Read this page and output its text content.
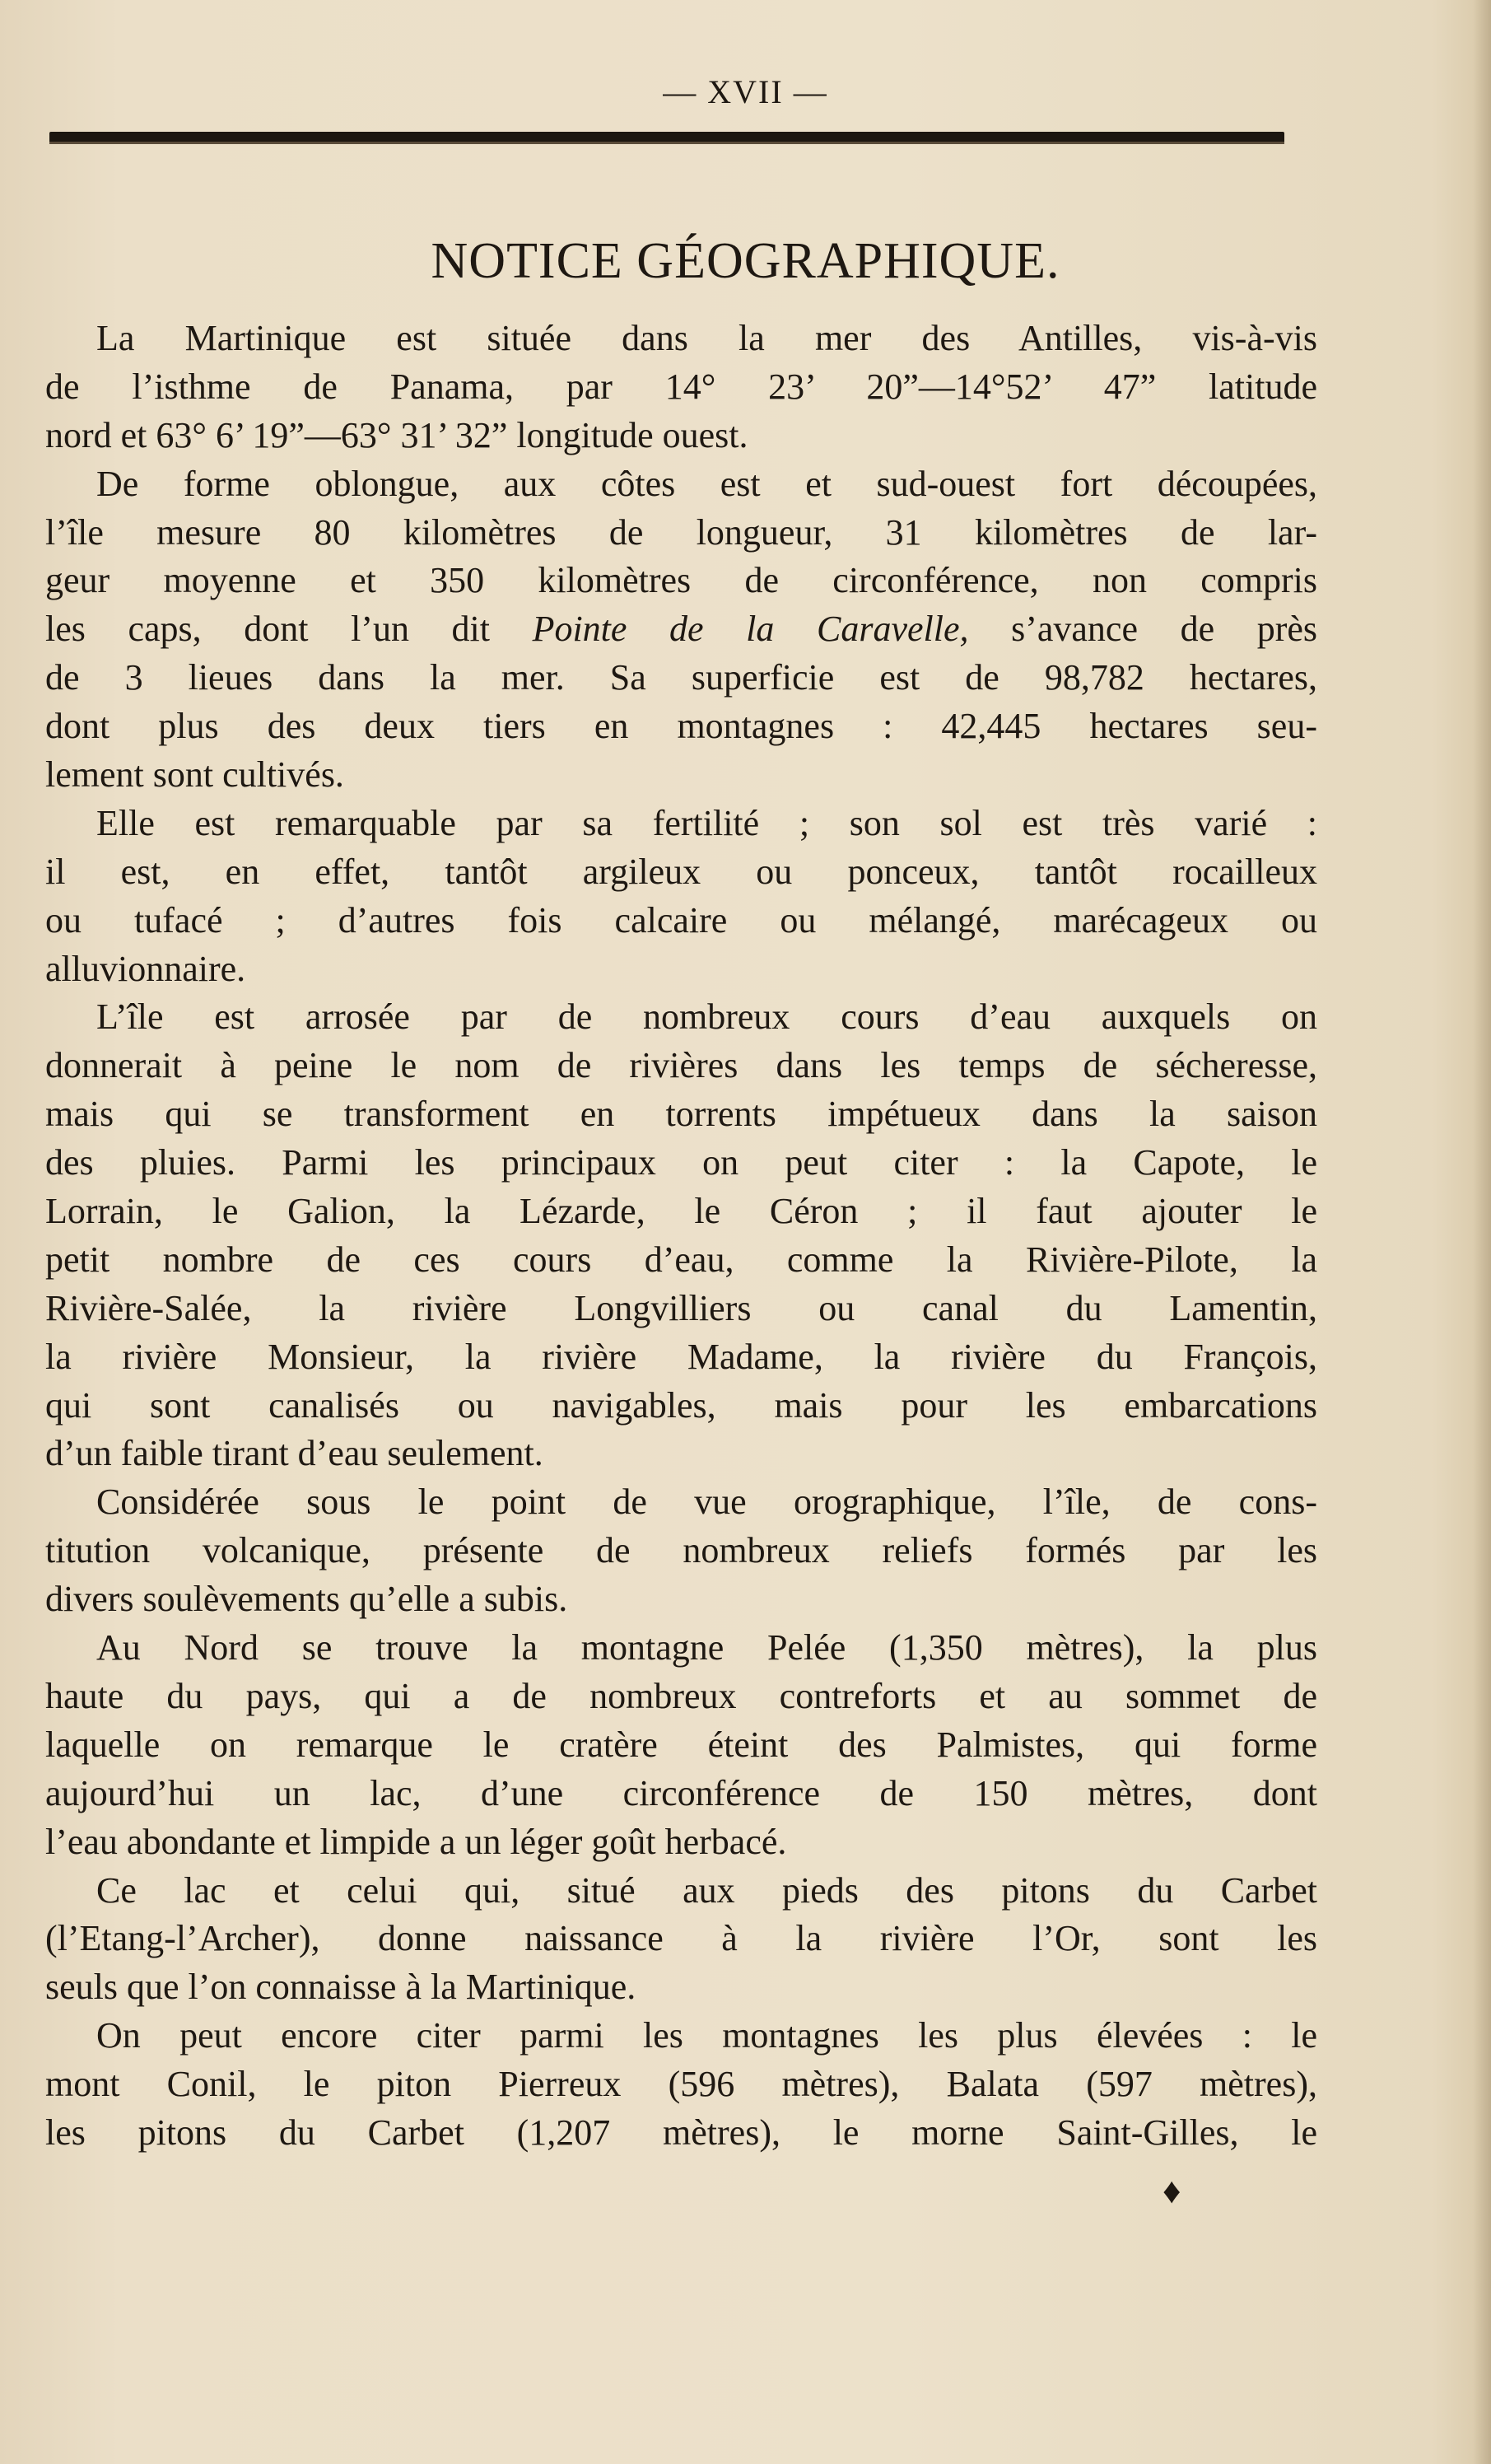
— XVII —
NOTICE GÉOGRAPHIQUE.
La Martinique est située dans la mer des Antilles, vis-à-vis
de l’isthme de Panama, par 14° 23’ 20”—14°52’ 47” latitude
nord et 63° 6’ 19”—63° 31’ 32” longitude ouest.
De forme oblongue, aux côtes est et sud-ouest fort découpées,
l’île mesure 80 kilomètres de longueur, 31 kilomètres de lar-
geur moyenne et 350 kilomètres de circonférence, non compris
les caps, dont l’un dit Pointe de la Caravelle, s’avance de près
de 3 lieues dans la mer. Sa superficie est de 98,782 hectares,
dont plus des deux tiers en montagnes : 42,445 hectares seu-
lement sont cultivés.
Elle est remarquable par sa fertilité ; son sol est très varié :
il est, en effet, tantôt argileux ou ponceux, tantôt rocailleux
ou tufacé ; d’autres fois calcaire ou mélangé, marécageux ou
alluvionnaire.
L’île est arrosée par de nombreux cours d’eau auxquels on
donnerait à peine le nom de rivières dans les temps de sécheresse,
mais qui se transforment en torrents impétueux dans la saison
des pluies. Parmi les principaux on peut citer : la Capote, le
Lorrain, le Galion, la Lézarde, le Céron ; il faut ajouter le
petit nombre de ces cours d’eau, comme la Rivière-Pilote, la
Rivière-Salée, la rivière Longvilliers ou canal du Lamentin,
la rivière Monsieur, la rivière Madame, la rivière du François,
qui sont canalisés ou navigables, mais pour les embarcations
d’un faible tirant d’eau seulement.
Considérée sous le point de vue orographique, l’île, de cons-
titution volcanique, présente de nombreux reliefs formés par les
divers soulèvements qu’elle a subis.
Au Nord se trouve la montagne Pelée (1,350 mètres), la plus
haute du pays, qui a de nombreux contreforts et au sommet de
laquelle on remarque le cratère éteint des Palmistes, qui forme
aujourd’hui un lac, d’une circonférence de 150 mètres, dont
l’eau abondante et limpide a un léger goût herbacé.
Ce lac et celui qui, situé aux pieds des pitons du Carbet
(l’Etang-l’Archer), donne naissance à la rivière l’Or, sont les
seuls que l’on connaisse à la Martinique.
On peut encore citer parmi les montagnes les plus élevées : le
mont Conil, le piton Pierreux (596 mètres), Balata (597 mètres),
les pitons du Carbet (1,207 mètres), le morne Saint-Gilles, le
♦
